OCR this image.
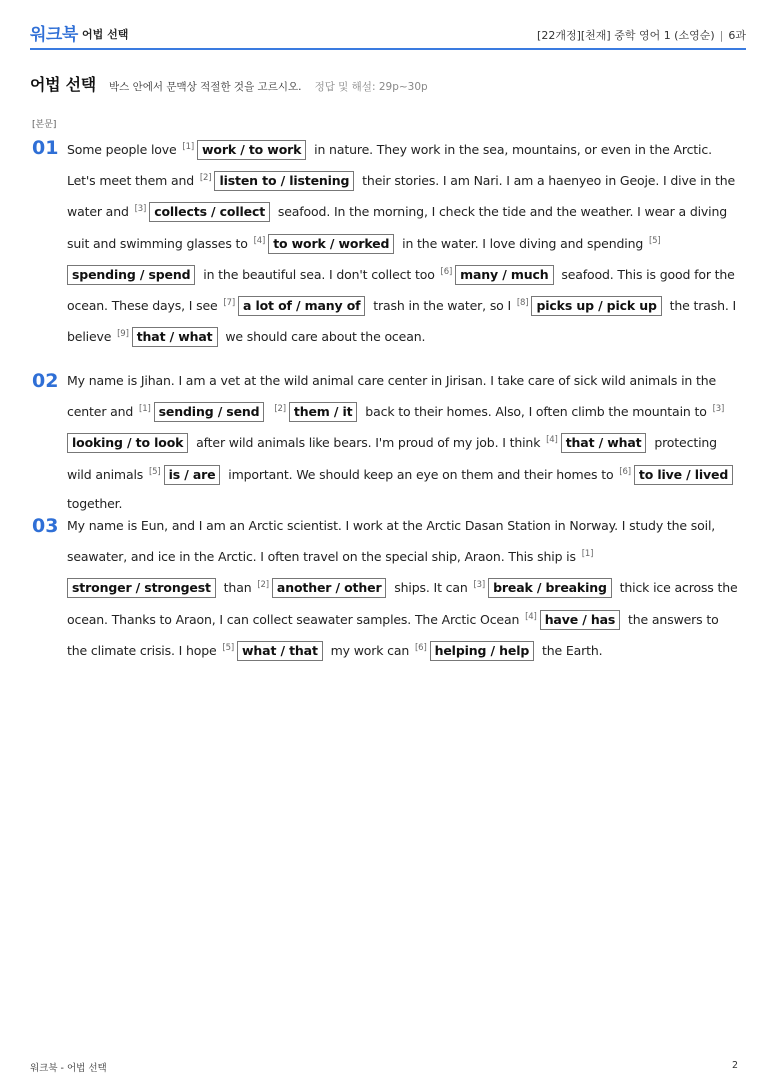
워크북 어법 선택	[22개정][천재] 중학 영어 1 (소영순) | 6과
어법 선택 박스 안에서 문맥상 적절한 것을 고르시오. 정답 및 해설: 29p~30p
[본문]
01 Some people love [1] work / to work in nature. They work in the sea, mountains, or even in the Arctic. Let's meet them and [2] listen to / listening their stories. I am Nari. I am a haenyeo in Geoje. I dive in the water and [3] collects / collect seafood. In the morning, I check the tide and the weather. I wear a diving suit and swimming glasses to [4] to work / worked in the water. I love diving and spending [5]spending / spend in the beautiful sea. I don't collect too [6] many / much seafood. This is good for the ocean. These days, I see [7] a lot of / many of trash in the water, so I [8] picks up / pick up the trash. I believe [9] that / what we should care about the ocean.
02 My name is Jihan. I am a vet at the wild animal care center in Jirisan. I take care of sick wild animals in the center and [1] sending / send [2] them / it back to their homes. Also, I often climb the mountain to [3]looking / to look after wild animals like bears. I'm proud of my job. I think [4] that / what protecting wild animals [5] is / are important. We should keep an eye on them and their homes to [6] to live / lived together.
03 My name is Eun, and I am an Arctic scientist. I work at the Arctic Dasan Station in Norway. I study the soil, seawater, and ice in the Arctic. I often travel on the special ship, Araon. This ship is [1]stronger / strongest than [2] another / other ships. It can [3] break / breaking thick ice across the ocean. Thanks to Araon, I can collect seawater samples. The Arctic Ocean [4] have / has the answers to the climate crisis. I hope [5] what / that my work can [6] helping / help the Earth.
워크북 - 어법 선택	2
